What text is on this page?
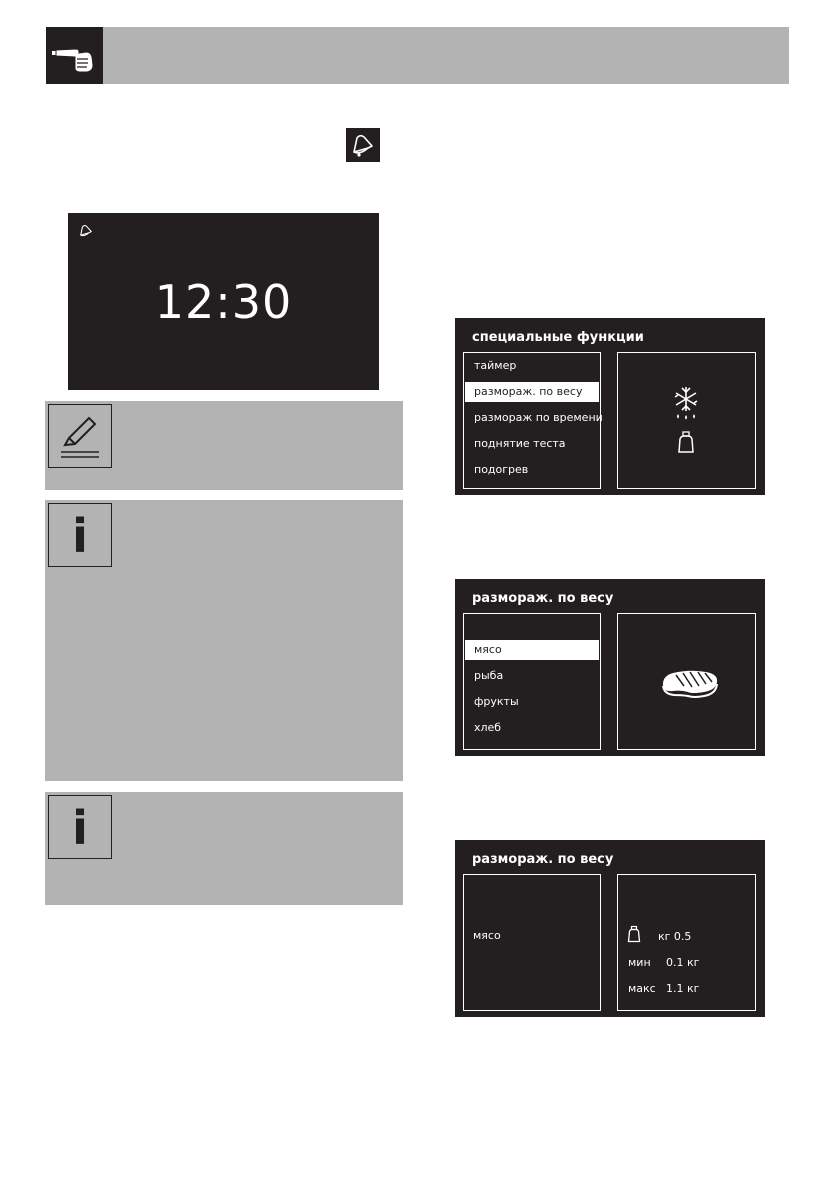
12:30
i
i
специальные функции
таймер
размораж. по весу
размораж по времени
поднятие теста
подогрев
размораж. по весу
мясо
рыба
фрукты
хлеб
размораж. по весу
мясо	кг 0.5
мин 0.1 кг
макс 1.1 кг
